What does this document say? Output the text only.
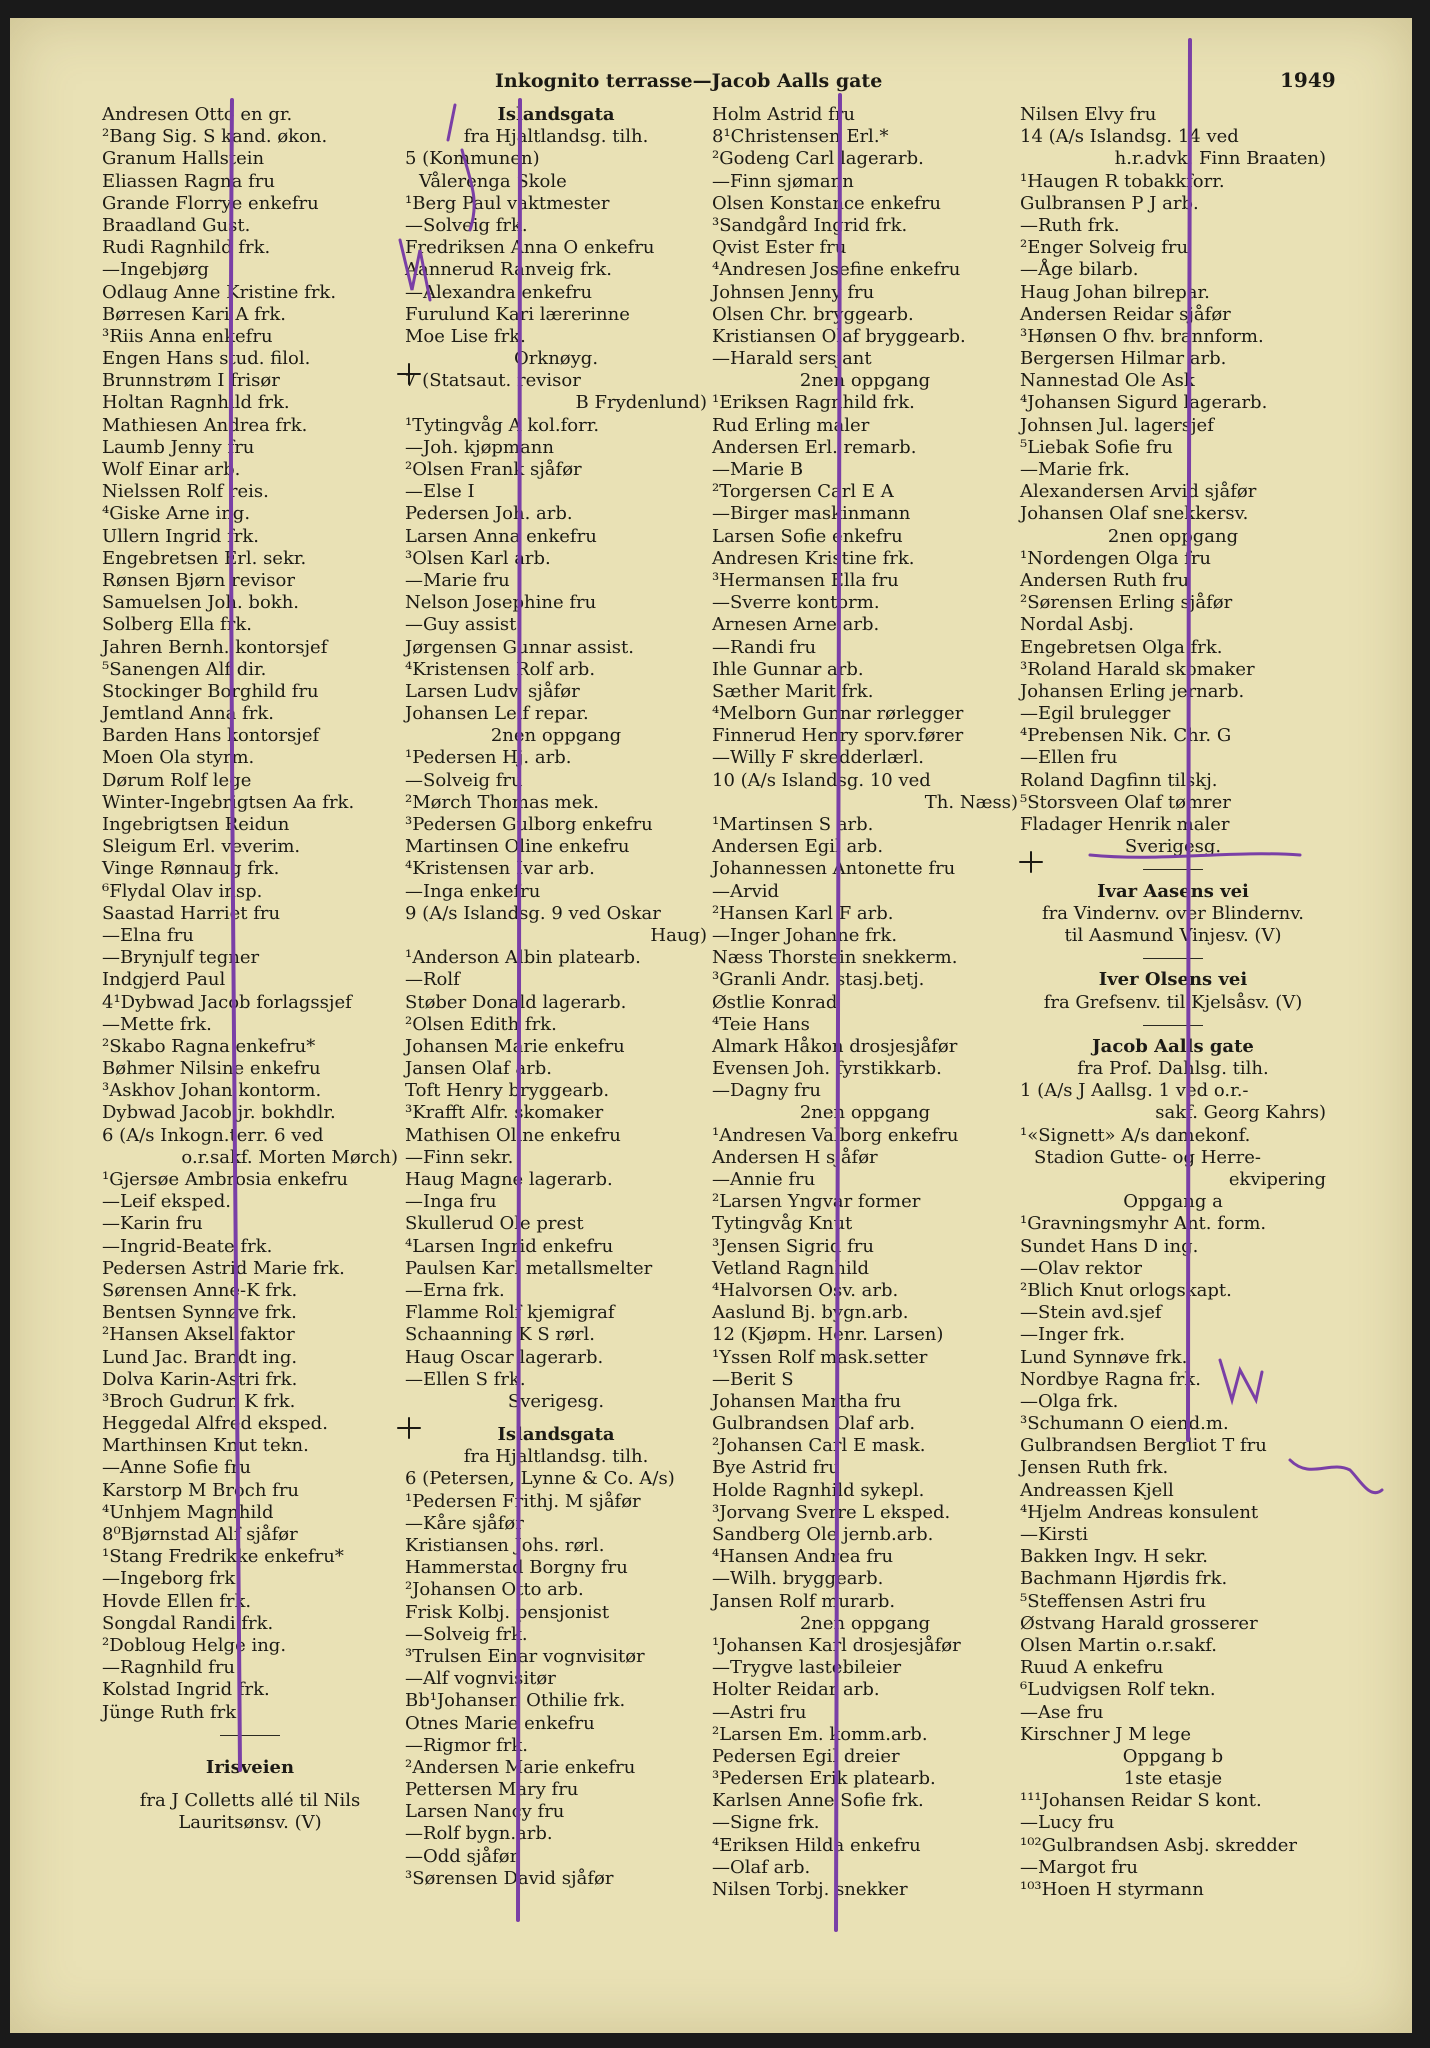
Inkognito terrasse—Jacob Aalls gate	1949
Andresen Otto en gr.
²Bang Sig. S kand. økon.
Granum Hallstein
Eliassen Ragna fru
Grande Florrye enkefru
Braadland Gust.
Rudi Ragnhild frk.
—Ingebjørg
Odlaug Anne Kristine frk.
Børresen Kari A frk.
³Riis Anna enkefru
Engen Hans stud. filol.
Brunnstrøm I frisør
Holtan Ragnhild frk.
Mathiesen Andrea frk.
Laumb Jenny fru
Wolf Einar arb.
Nielssen Rolf reis.
⁴Giske Arne ing.
Ullern Ingrid frk.
Engebretsen Erl. sekr.
Rønsen Bjørn revisor
Samuelsen Joh. bokh.
Solberg Ella frk.
Jahren Bernh. kontorsjef
⁵Sanengen Alf dir.
Stockinger Borghild fru
Jemtland Anna frk.
Barden Hans kontorsjef
Moen Ola styrm.
Dørum Rolf lege
Winter-Ingebrigtsen Aa frk.
Ingebrigtsen Reidun
Sleigum Erl. veverim.
Vinge Rønnaug frk.
⁶Flydal Olav insp.
Saastad Harriet fru
—Elna fru
—Brynjulf tegner
Indgjerd Paul
4¹Dybwad Jacob forlagssjef
—Mette frk.
²Skabo Ragna enkefru*
Bøhmer Nilsine enkefru
³Askhov Johan kontorm.
Dybwad Jacob jr. bokhdlr.
6 (A/s Inkogn.terr. 6 ved
o.r.sakf. Morten Mørch)
¹Gjersøe Ambrosia enkefru
—Leif eksped.
—Karin fru
—Ingrid-Beate frk.
Pedersen Astrid Marie frk.
Sørensen Anne-K frk.
Bentsen Synnøve frk.
²Hansen Aksel faktor
Lund Jac. Brandt ing.
Dolva Karin-Astri frk.
³Broch Gudrun K frk.
Heggedal Alfred eksped.
Marthinsen Knut tekn.
—Anne Sofie fru
Karstorp M Broch fru
⁴Unhjem Magnhild
8⁰Bjørnstad Alf sjåfør
¹Stang Fredrikke enkefru*
—Ingeborg frk.
Hovde Ellen frk.
Songdal Randi frk.
²Dobloug Helge ing.
—Ragnhild fru
Kolstad Ingrid frk.
Jünge Ruth frk.
Irisveien
fra J Colletts allé til Nils
Lauritsønsv. (V)
Islandsgata
fra Hjaltlandsg. tilh.
5 (Kommunen)
Vålerenga Skole
¹Berg Paul vaktmester
—Solveig frk.
Fredriksen Anna O enkefru
Aannerud Ranveig frk.
—Alexandra enkefru
Furulund Kari lærerinne
Moe Lise frk.
Orknøyg.
7 (Statsaut. revisor
B Frydenlund)
¹Tytingvåg A kol.forr.
—Joh. kjøpmann
²Olsen Frank sjåfør
—Else I
Pedersen Joh. arb.
Larsen Anna enkefru
³Olsen Karl arb.
—Marie fru
Nelson Josephine fru
—Guy assist.
Jørgensen Gunnar assist.
⁴Kristensen Rolf arb.
Larsen Ludv. sjåfør
Johansen Leif repar.
2nen oppgang
¹Pedersen Hj. arb.
—Solveig fru
²Mørch Thomas mek.
³Pedersen Gulborg enkefru
Martinsen Oline enkefru
⁴Kristensen Ivar arb.
—Inga enkefru
9 (A/s Islandsg. 9 ved Oskar
Haug)
¹Anderson Albin platearb.
—Rolf
Støber Donald lagerarb.
²Olsen Edith frk.
Johansen Marie enkefru
Jansen Olaf arb.
Toft Henry bryggearb.
³Krafft Alfr. skomaker
Mathisen Oline enkefru
—Finn sekr.
Haug Magne lagerarb.
—Inga fru
Skullerud Ole prest
⁴Larsen Ingrid enkefru
Paulsen Karl metallsmelter
—Erna frk.
Flamme Rolf kjemigraf
Schaanning K S rørl.
Haug Oscar lagerarb.
—Ellen S frk.
Sverigesg.
Islandsgata
fra Hjaltlandsg. tilh.
6 (Petersen, Lynne & Co. A/s)
¹Pedersen Frithj. M sjåfør
—Kåre sjåfør
Kristiansen Johs. rørl.
Hammerstad Borgny fru
²Johansen Otto arb.
Frisk Kolbj. pensjonist
—Solveig frk.
³Trulsen Einar vognvisitør
—Alf vognvisitør
Bb¹Johansen Othilie frk.
Otnes Marie enkefru
—Rigmor frk.
²Andersen Marie enkefru
Pettersen Mary fru
Larsen Nancy fru
—Rolf bygn.arb.
—Odd sjåfør
³Sørensen David sjåfør
Holm Astrid fru
8¹Christensen Erl.*
²Godeng Carl lagerarb.
—Finn sjømann
Olsen Konstance enkefru
³Sandgård Ingrid frk.
Qvist Ester fru
⁴Andresen Josefine enkefru
Johnsen Jenny fru
Olsen Chr. bryggearb.
Kristiansen Olaf bryggearb.
—Harald sersjant
2nen oppgang
¹Eriksen Ragnhild frk.
Rud Erling maler
Andersen Erl. remarb.
—Marie B
²Torgersen Carl E A
—Birger maskinmann
Larsen Sofie enkefru
Andresen Kristine frk.
³Hermansen Ella fru
—Sverre kontorm.
Arnesen Arne arb.
—Randi fru
Ihle Gunnar arb.
Sæther Marit frk.
⁴Melborn Gunnar rørlegger
Finnerud Henry sporv.fører
—Willy F skredderlærl.
10 (A/s Islandsg. 10 ved
Th. Næss)
¹Martinsen S arb.
Andersen Egil arb.
Johannessen Antonette fru
—Arvid
²Hansen Karl F arb.
—Inger Johanne frk.
Næss Thorstein snekkerm.
³Granli Andr. stasj.betj.
Østlie Konrad
⁴Teie Hans
Almark Håkon drosjesjåfør
Evensen Joh. fyrstikkarb.
—Dagny fru
2nen oppgang
¹Andresen Valborg enkefru
Andersen H sjåfør
—Annie fru
²Larsen Yngvar former
Tytingvåg Knut
³Jensen Sigrid fru
Vetland Ragnhild
⁴Halvorsen Osv. arb.
Aaslund Bj. bygn.arb.
12 (Kjøpm. Henr. Larsen)
¹Yssen Rolf mask.setter
—Berit S
Johansen Martha fru
Gulbrandsen Olaf arb.
²Johansen Carl E mask.
Bye Astrid fru
Holde Ragnhild sykepl.
³Jorvang Sverre L eksped.
Sandberg Ole jernb.arb.
⁴Hansen Andrea fru
—Wilh. bryggearb.
Jansen Rolf murarb.
2nen oppgang
¹Johansen Karl drosjesjåfør
—Trygve lastebileier
Holter Reidar arb.
—Astri fru
²Larsen Em. komm.arb.
Pedersen Egil dreier
³Pedersen Erik platearb.
Karlsen Anne Sofie frk.
—Signe frk.
⁴Eriksen Hilda enkefru
—Olaf arb.
Nilsen Torbj. snekker
Nilsen Elvy fru
14 (A/s Islandsg. 14 ved
h.r.advk. Finn Braaten)
¹Haugen R tobakkforr.
Gulbransen P J arb.
—Ruth frk.
²Enger Solveig fru
—Åge bilarb.
Haug Johan bilrepar.
Andersen Reidar sjåfør
³Hønsen O fhv. brannform.
Bergersen Hilmar arb.
Nannestad Ole Ask
⁴Johansen Sigurd lagerarb.
Johnsen Jul. lagersjef
⁵Liebak Sofie fru
—Marie frk.
Alexandersen Arvid sjåfør
Johansen Olaf snekkersv.
2nen oppgang
¹Nordengen Olga fru
Andersen Ruth fru
²Sørensen Erling sjåfør
Nordal Asbj.
Engebretsen Olga frk.
³Roland Harald skomaker
Johansen Erling jernarb.
—Egil brulegger
⁴Prebensen Nik. Chr. G
—Ellen fru
Roland Dagfinn tilskj.
⁵Storsveen Olaf tømrer
Fladager Henrik maler
Sverigesg.
Ivar Aasens vei
fra Vindernv. over Blindernv.
til Aasmund Vinjesv. (V)
Iver Olsens vei
fra Grefsenv. til Kjelsåsv. (V)
Jacob Aalls gate
fra Prof. Dahlsg. tilh.
1 (A/s J Aallsg. 1 ved o.r.-
sakf. Georg Kahrs)
¹«Signett» A/s damekonf.
Stadion Gutte- og Herre-
ekvipering
Oppgang a
¹Gravningsmyhr Ant. form.
Sundet Hans D ing.
—Olav rektor
²Blich Knut orlogskapt.
—Stein avd.sjef
—Inger frk.
Lund Synnøve frk.
Nordbye Ragna frk.
—Olga frk.
³Schumann O eiend.m.
Gulbrandsen Bergliot T fru
Jensen Ruth frk.
Andreassen Kjell
⁴Hjelm Andreas konsulent
—Kirsti
Bakken Ingv. H sekr.
Bachmann Hjørdis frk.
⁵Steffensen Astri fru
Østvang Harald grosserer
Olsen Martin o.r.sakf.
Ruud A enkefru
⁶Ludvigsen Rolf tekn.
—Ase fru
Kirschner J M lege
Oppgang b
1ste etasje
¹¹¹Johansen Reidar S kont.
—Lucy fru
¹⁰²Gulbrandsen Asbj. skredder
—Margot fru
¹⁰³Hoen H styrmann
